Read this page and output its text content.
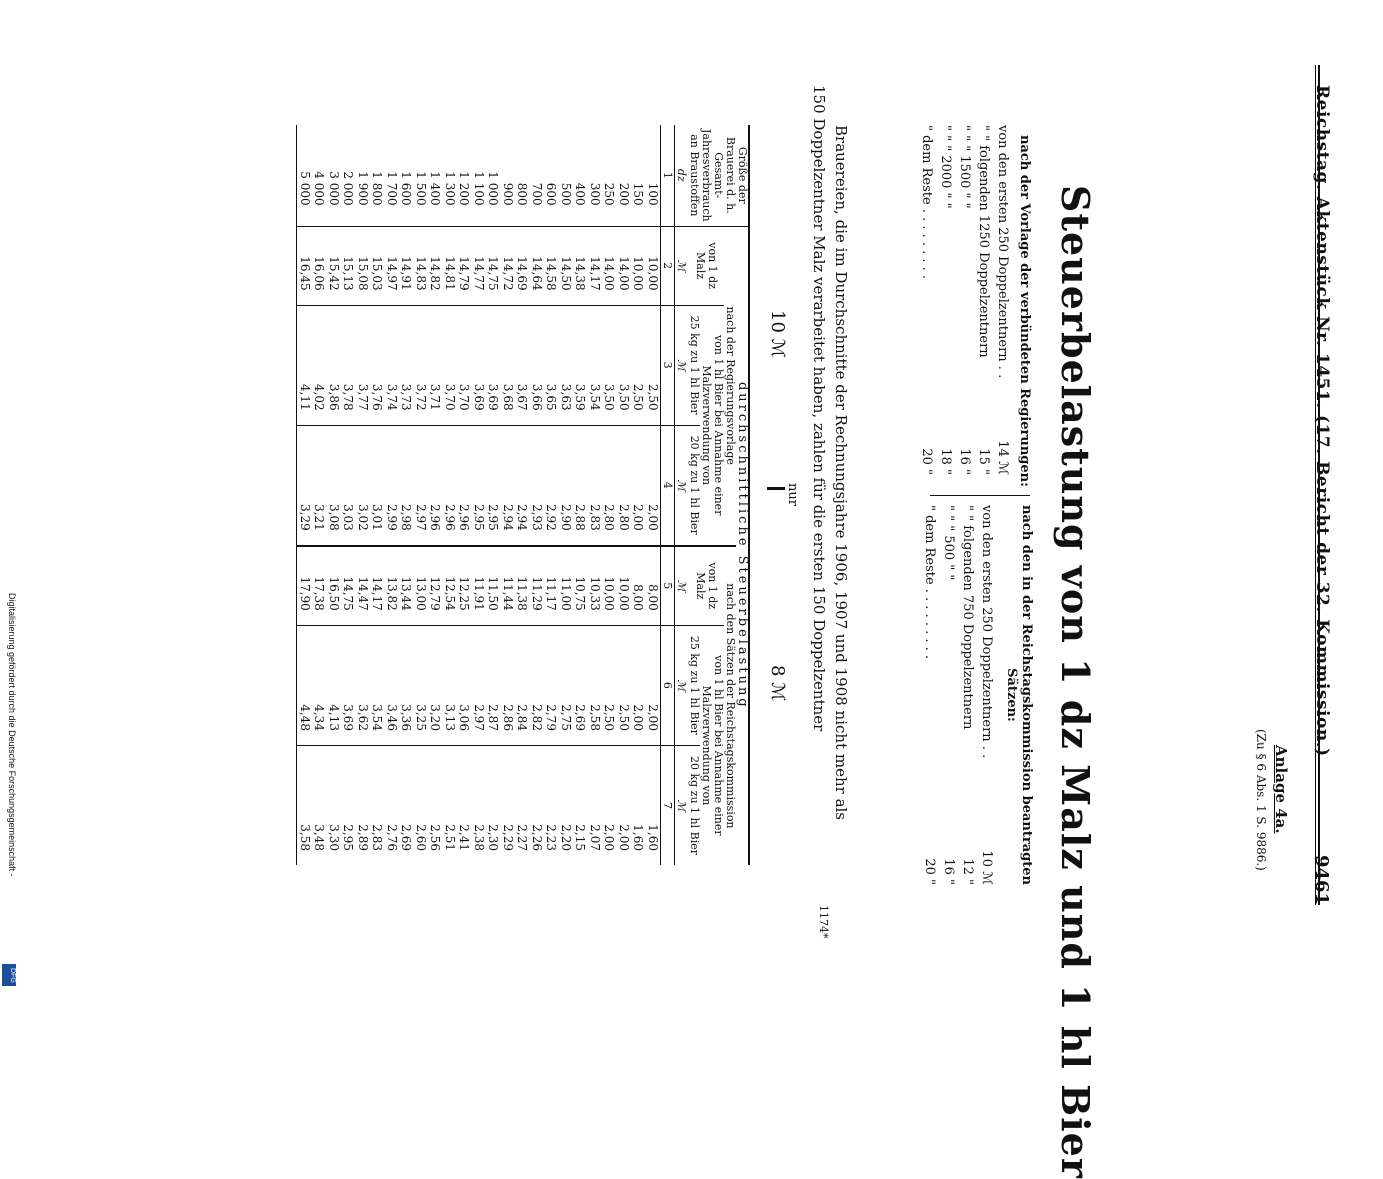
Digitalisierung gefördert durch die Deutsche Forschungsgemeinschaft -
DFG
Reichstag. Aktenstück Nr. 1451. (17. Bericht der 32. Kommission.)
9461
Anlage 4a.
(Zu § 6 Abs. 1 S. 9886.)
Steuerbelastung von 1 dz Malz und 1 hl Bier
nach der Vorlage der verbündeten Regierungen:
von den ersten 250 Doppelzentnern . .
14 ℳ
" " folgenden 1250 Doppelzentnern
15 "
" " " 1500 " "
16 "
" " " 2000 " "
18 "
" dem Reste . . . . . . . . .
20 "
nach den in der Reichstagskommission beantragten Sätzen:
von den ersten 250 Doppelzentnern . .
10 ℳ
" " folgenden 750 Doppelzentnern
12 "
" " " 500 " "
16 "
" dem Reste . . . . . . . . .
20 "
Brauereien, die im Durchschnitte der Rechnungsjahre 1906, 1907 und 1908 nicht mehr als
150 Doppelzentner Malz verarbeitet haben, zahlen für die ersten 150 Doppelzentner
10 ℳ
nur
8 ℳ
Größe der Brauerei d. h. Gesamt-Jahresverbrauch an Braustoffen	durchschnittliche Steuerbelastung					
	nach der Regierungsvorlage			nach den Sätzen der Reichstagskommission		
	von 1 dz Malz	von 1 hl Bier bei Annahme einer Malzverwendung von		von 1 dz Malz	von 1 hl Bier bei Annahme einer Malzverwendung von	
		25 kg zu 1 hl Bier	20 kg zu 1 hl Bier		25 kg zu 1 hl Bier	20 kg zu 1 hl Bier
dz	ℳ	ℳ	ℳ	ℳ	ℳ	ℳ
1	2	3	4	5	6	7
100	10,00	2,50	2,00	8,00	2,00	1,60
150	10,00	2,50	2,00	8,00	2,00	1,60
200	14,00	3,50	2,80	10,00	2,50	2,00
250	14,00	3,50	2,80	10,00	2,50	2,00
300	14,17	3,54	2,83	10,33	2,58	2,07
400	14,38	3,59	2,88	10,75	2,69	2,15
500	14,50	3,63	2,90	11,00	2,75	2,20
600	14,58	3,65	2,92	11,17	2,79	2,23
700	14,64	3,66	2,93	11,29	2,82	2,26
800	14,69	3,67	2,94	11,38	2,84	2,27
900	14,72	3,68	2,94	11,44	2,86	2,29
1 000	14,75	3,69	2,95	11,50	2,87	2,30
1 100	14,77	3,69	2,95	11,91	2,97	2,38
1 200	14,79	3,70	2,96	12,25	3,06	2,41
1 300	14,81	3,70	2,96	12,54	3,13	2,51
1 400	14,82	3,71	2,96	12,79	3,20	2,56
1 500	14,83	3,72	2,97	13,00	3,25	2,60
1 600	14,91	3,73	2,98	13,44	3,36	2,69
1 700	14,97	3,74	2,99	13,82	3,46	2,76
1 800	15,03	3,76	3,01	14,17	3,54	2,83
1 900	15,08	3,77	3,02	14,47	3,62	2,89
2 000	15,13	3,78	3,03	14,75	3,69	2,95
3 000	15,42	3,86	3,08	16,50	4,13	3,30
4 000	16,06	4,02	3,21	17,38	4,34	3,48
5 000	16,45	4,11	3,29	17,90	4,48	3,58
1174*
